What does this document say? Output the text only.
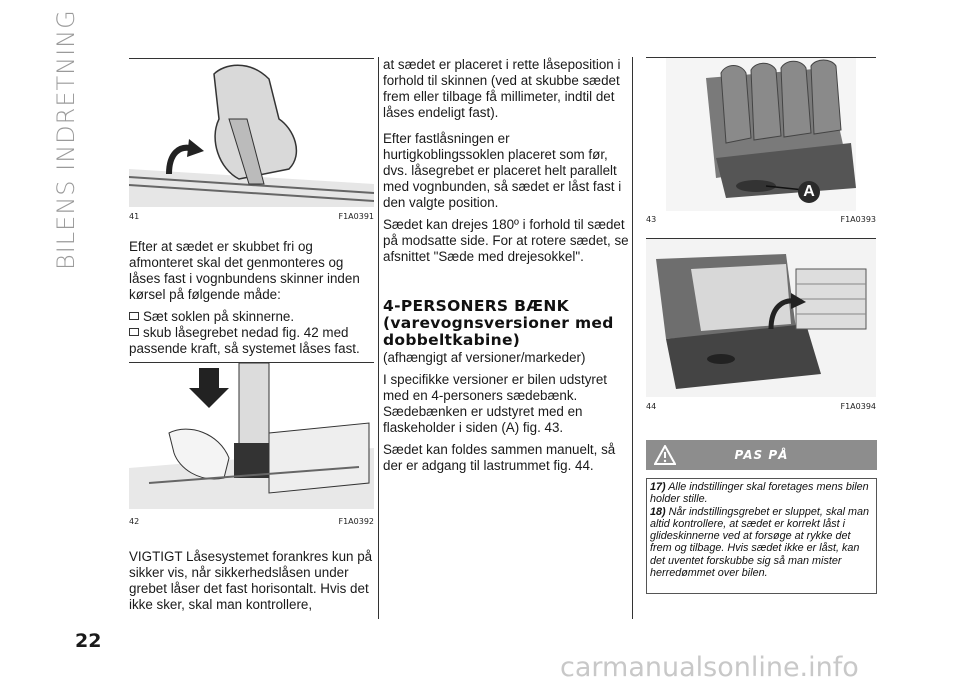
BILENS INDRETNING
22
41	F1A0391

Efter at sædet er skubbet fri og afmonteret skal det genmonteres og låses fast i vognbundens skinner inden kørsel på følgende måde:

Sæt soklen på skinnerne.
skub låsegrebet nedad fig. 42 med passende kraft, så systemet låses fast.
42	F1A0392

VIGTIGT Låsesystemet forankres kun på sikker vis, når sikkerhedslåsen under grebet låser det fast horisontalt. Hvis det ikke sker, skal man kontrollere,

at sædet er placeret i rette låseposition i forhold til skinnen (ved at skubbe sædet frem eller tilbage få millimeter, indtil det låses endeligt fast).

Efter fastlåsningen er hurtigkoblingssoklen placeret som før, dvs. låsegrebet er placeret helt parallelt med vognbunden, så sædet er låst fast i den valgte position.

Sædet kan drejes 180º i forhold til sædet på modsatte side. For at rotere sædet, se afsnittet "Sæde med drejesokkel".

4-PERSONERS BÆNK (varevognsversioner med dobbeltkabine)

(afhængigt af versioner/markeder)

I specifikke versioner er bilen udstyret med en 4-personers sædebænk. Sædebænken er udstyret med en flaskeholder i siden (A) fig. 43.

Sædet kan foldes sammen manuelt, så der er adgang til lastrummet fig. 44.

A
43	F1A0393
44	F1A0394
PAS PÅ

17) Alle indstillinger skal foretages mens bilen holder stille.

18) Når indstillingsgrebet er sluppet, skal man altid kontrollere, at sædet er korrekt låst i glideskinnerne ved at forsøge at rykke det frem og tilbage. Hvis sædet ikke er låst, kan det uventet forskubbe sig så man mister herredømmet over bilen.

carmanualsonline.info
